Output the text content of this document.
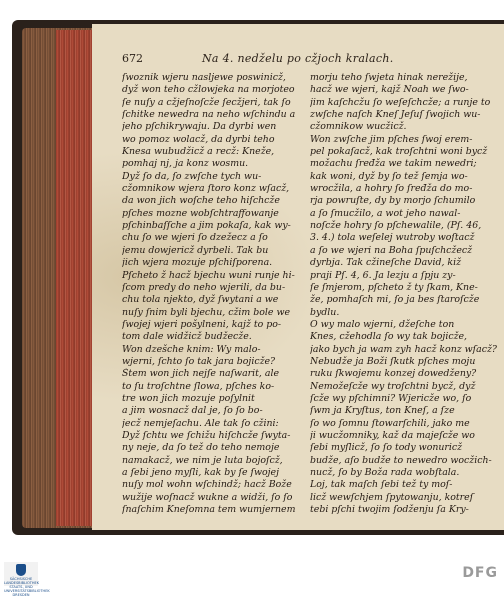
672	Na 4. nedželu po cžjoch kralach.
ſwoznik wjeru nasljewe poswinicž,
dyž won teho cžlowjeka na morjoteo
ſe nuſy a cžjeſnoſcže ſecžjeri, tak ſo
ſchitke newedra na neho wſchindu a
jeho pſchikrywaju. Da dyrbi wen
wo pomoz wolacž, da dyrbi teho
Knesa wubudžicž a recž: Kneže,
pomhaj nj, ja konz wosmu.
Dyž ſo da, ſo zwſche tych wu-
cžomnikow wjera ſtoro konz wſacž,
da won jich woſche teho hiſchcže
pſches mozne wobſchtraffowanje
pſchinbaſſche a jim pokaſa, kak wy-
chu ſo we wjeri ſo dzežecz a ſo
jemu dowjericž dyrbeli. Tak bu
jich wjera mozuje pſchiſporena.
Pſcheto ž hacž bjechu wuni runje hi-
ſcom predy do neho wjerili, da bu-
chu tola njekto, dyž ſwytani a we
nuſy ſnim byli bjechu, cžim bole we
ſwojej wjeri pošylneni, kajž to po-
tom dale widžicž budžecže.
Won dzešche knim: Wy malo-
wjerni, ſchto ſo tak jara bojicže?
Štem won jich nejſe naſwarit, ale
to ſu troſchtne ſlowa, pſches ko-
tre won jich mozuje poſylnit
a jim wosnacž dal je, ſo ſo bo-
jecž nemjeſachu. Ale tak ſo cžini:
Dyž ſchtu we ſchižu hiſchcže ſwyta-
ny neje, da ſo tež do teho nemoje
namakacž, we nim je luta bojoſcž,
a ſebi jeno myſli, kak by ſe ſwojej
nuſy mol wohn wſchindž; hacž Bože
wužije woſnacž wukne a widži, ſo ſo
ſnaſchim Kneſomna tem wumjernem
morju teho ſwjeta hinak nerežije,
hacž we wjeri, kajž Noah we ſwo-
jim kaſchcžu ſo weſeſchcže; a runje to
zwſche naſch Kneſ Jeſuſ ſwojich wu-
cžomnikow wucžicž.
Won zwſche jim pſches ſwoj erem-
pel pokaſacž, kak troſchtni woni bycž
možachu ſređža we takim newedri;
kak woni, dyž by ſo tež ſemja wo-
wrocžila, a hohry ſo ſređža do mo-
rja powruſte, dy by morjo ſchumilo
a ſo ſmucžilo, a wot jeho nawal-
noſcže hohry ſo pſchewalile, (Pſ. 46,
3. 4.) tola weſelej wutroby woſtacž
a ſo we wjeri na Boha ſpuſchcžecž
dyrbja. Tak cžineſche David, kiž
praji Pſ. 4, 6. Ja lezju a ſpju zy-
ſe ſmjerom, pſcheto ž ty ſkam, Kne-
že, pomhaſch mi, ſo ja bes ſtaroſcže
bydlu.
O wy malo wjerni, džeſche ton
Knes, cžehodla ſo wy tak bojicže,
jako bych ja wam zyh hacž konz wſacž?
Nebudže ja Boži ſkutk pſches moju
ruku ſkwojemu konzej dowedženy?
Nemožeſcže wy troſchtni bycž, dyž
ſcže wy pſchimni? Wjericže wo, ſo
ſwm ja Kryſtus, ton Kneſ, a ſze
ſo wo ſomnu ſtowarſchili, jako me
ji wucžomniky, kaž da majeſcže wo
ſebi myſlicž, ſo ſo tody wonuricž
budže, aſo budže to newedro wocžich-
nucž, ſo by Boža rada wobſtala.
Loj, tak maſch ſebi tež ty moſ-
licž wewſchjem ſpytowanju, kotreſ
tebi pſchi twojim ſodženju ſa Kry-
SÄCHSISCHE LANDESBIBLIOTHEK STAATS- UND UNIVERSITÄTSBIBLIOTHEK DRESDEN
DFG
